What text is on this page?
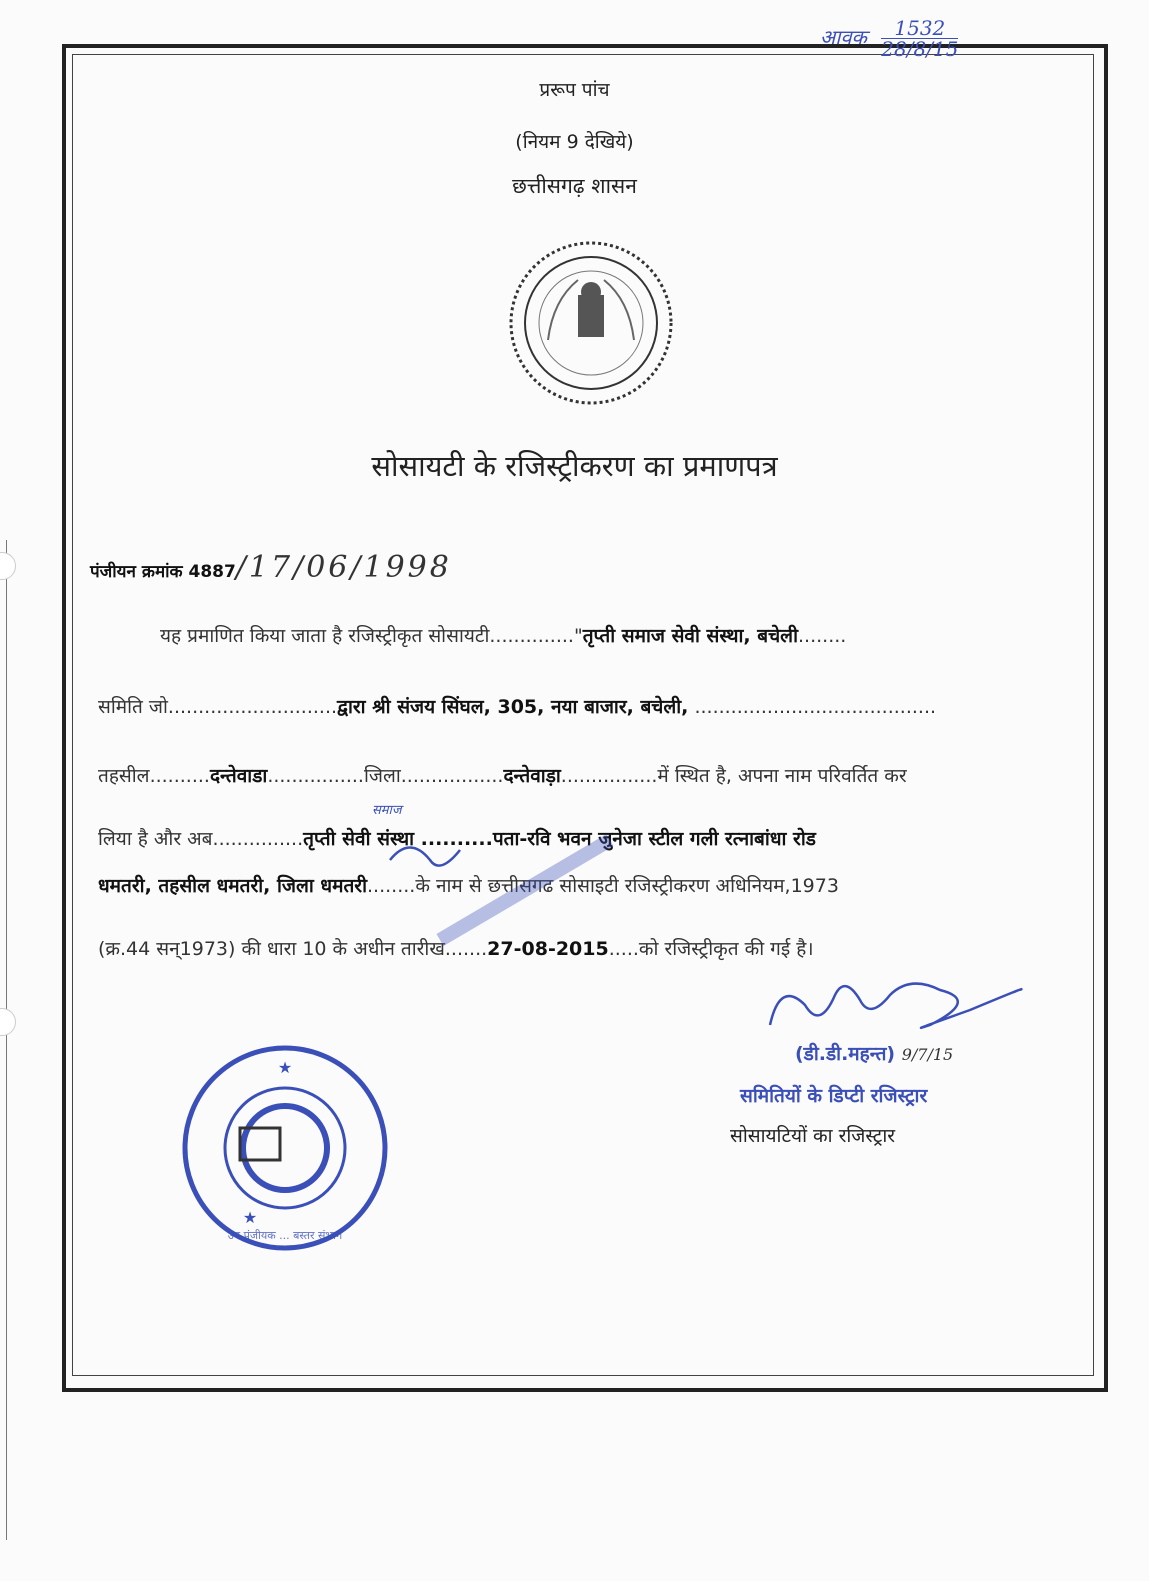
आवक $\frac{1532}{28/8/15}$
प्ररूप पांच
(नियम 9 देखिये)
छत्तीसगढ़ शासन
सोसायटी के रजिस्ट्रीकरण का प्रमाणपत्र
पंजीयन क्रमांक 4887/17/06/1998
यह प्रमाणित किया जाता है रजिस्ट्रीकृत सोसायटी.............."तृप्ती समाज सेवी संस्था, बचेली........
समिति जो............................द्वारा श्री संजय सिंघल, 305, नया बाजार, बचेली, ........................................
तहसील..........दन्तेवाडा................जिला.................दन्तेवाड़ा................में स्थित है, अपना नाम परिवर्तित कर
समाज
लिया है और अब...............तृप्ती सेवी संस्था ..........पता-रवि भवन जुनेजा स्टील गली रत्नाबांधा रोड
धमतरी, तहसील धमतरी, जिला धमतरी........के नाम से छत्तीसगढ सोसाइटी रजिस्ट्रीकरण अधिनियम,1973
(क्र.44 सन्1973) की धारा 10 के अधीन तारीख.......27-08-2015.....को रजिस्ट्रीकृत की गई है।
(डी.डी.महन्त) 9/7/15
समितियों के डिप्टी रजिस्ट्रार
सोसायटियों का रजिस्ट्रार
★
★
उप पंजीयक ... बस्तर संभाग
